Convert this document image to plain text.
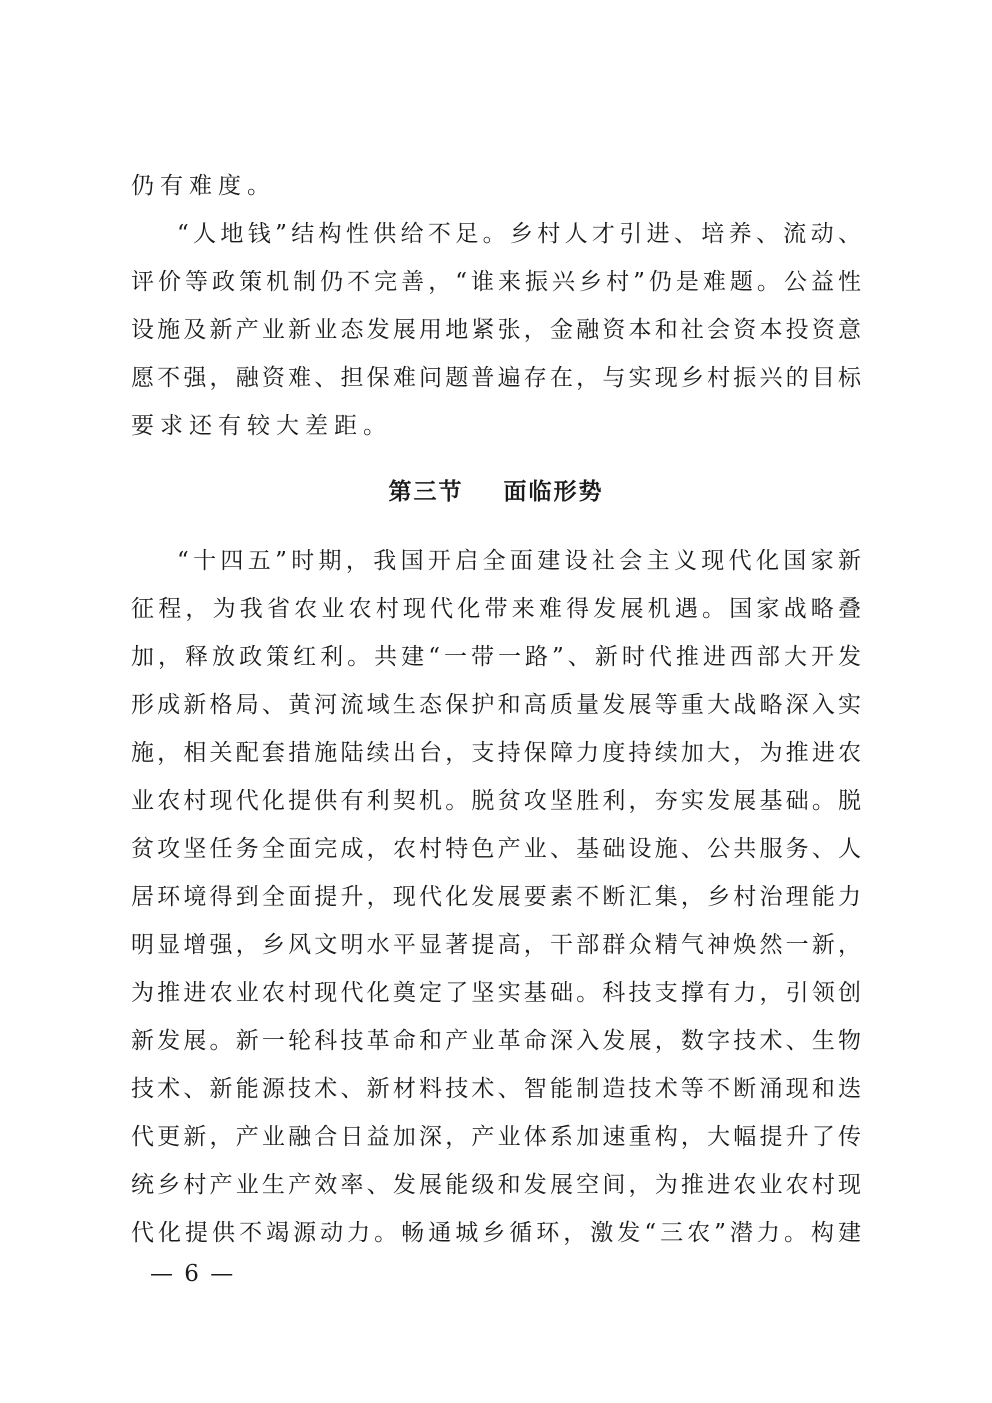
仍有难度。
“人地钱”结构性供给不足。乡村人才引进、培养、流动、
评价等政策机制仍不完善，“谁来振兴乡村”仍是难题。公益性
设施及新产业新业态发展用地紧张，金融资本和社会资本投资意
愿不强，融资难、担保难问题普遍存在，与实现乡村振兴的目标
要求还有较大差距。
第三节    面临形势
“十四五”时期，我国开启全面建设社会主义现代化国家新
征程，为我省农业农村现代化带来难得发展机遇。国家战略叠
加，释放政策红利。共建“一带一路”、新时代推进西部大开发
形成新格局、黄河流域生态保护和高质量发展等重大战略深入实
施，相关配套措施陆续出台，支持保障力度持续加大，为推进农
业农村现代化提供有利契机。脱贫攻坚胜利，夯实发展基础。脱
贫攻坚任务全面完成，农村特色产业、基础设施、公共服务、人
居环境得到全面提升，现代化发展要素不断汇集，乡村治理能力
明显增强，乡风文明水平显著提高，干部群众精气神焕然一新，
为推进农业农村现代化奠定了坚实基础。科技支撑有力，引领创
新发展。新一轮科技革命和产业革命深入发展，数字技术、生物
技术、新能源技术、新材料技术、智能制造技术等不断涌现和迭
代更新，产业融合日益加深，产业体系加速重构，大幅提升了传
统乡村产业生产效率、发展能级和发展空间，为推进农业农村现
代化提供不竭源动力。畅通城乡循环，激发“三农”潜力。构建
— 6 —
